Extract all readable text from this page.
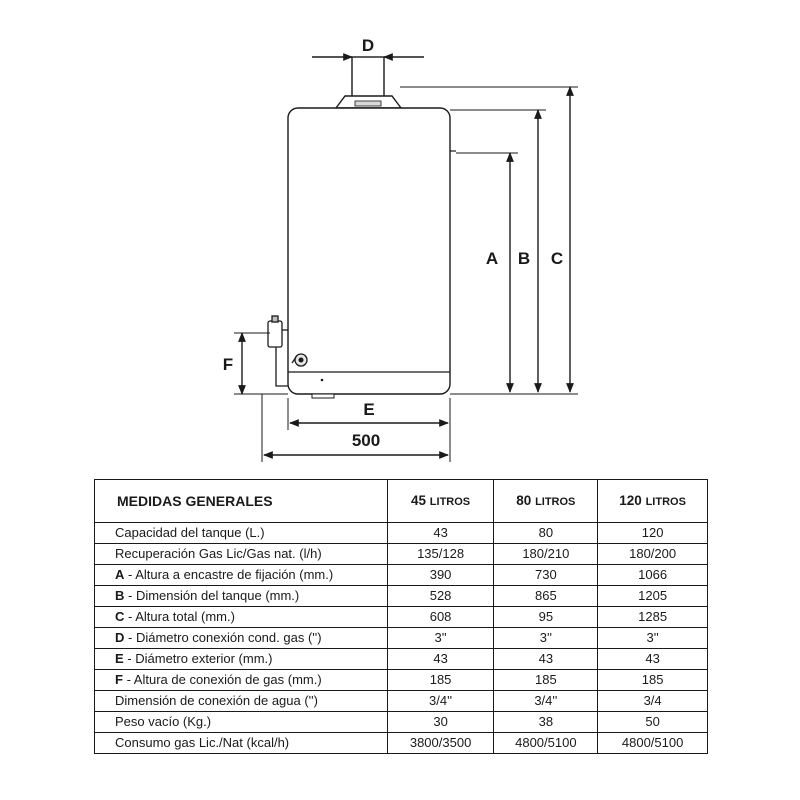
D
A B C
F
E
500
MEDIDAS GENERALES	45 LITROS	80 LITROS	120 LITROS
Capacidad del tanque (L.)	43	80	120
Recuperación Gas Lic/Gas nat. (l/h)	135/128	180/210	180/200
A - Altura a encastre de fijación (mm.)	390	730	1066
B - Dimensión del tanque (mm.)	528	865	1205
C - Altura total (mm.)	608	95	1285
D - Diámetro conexión cond. gas ('')	3''	3''	3''
E - Diámetro exterior (mm.)	43	43	43
F - Altura de conexión de gas (mm.)	185	185	185
Dimensión de conexión de agua ('')	3/4''	3/4''	3/4
Peso vacío (Kg.)	30	38	50
Consumo gas Lic./Nat (kcal/h)	3800/3500	4800/5100	4800/5100
